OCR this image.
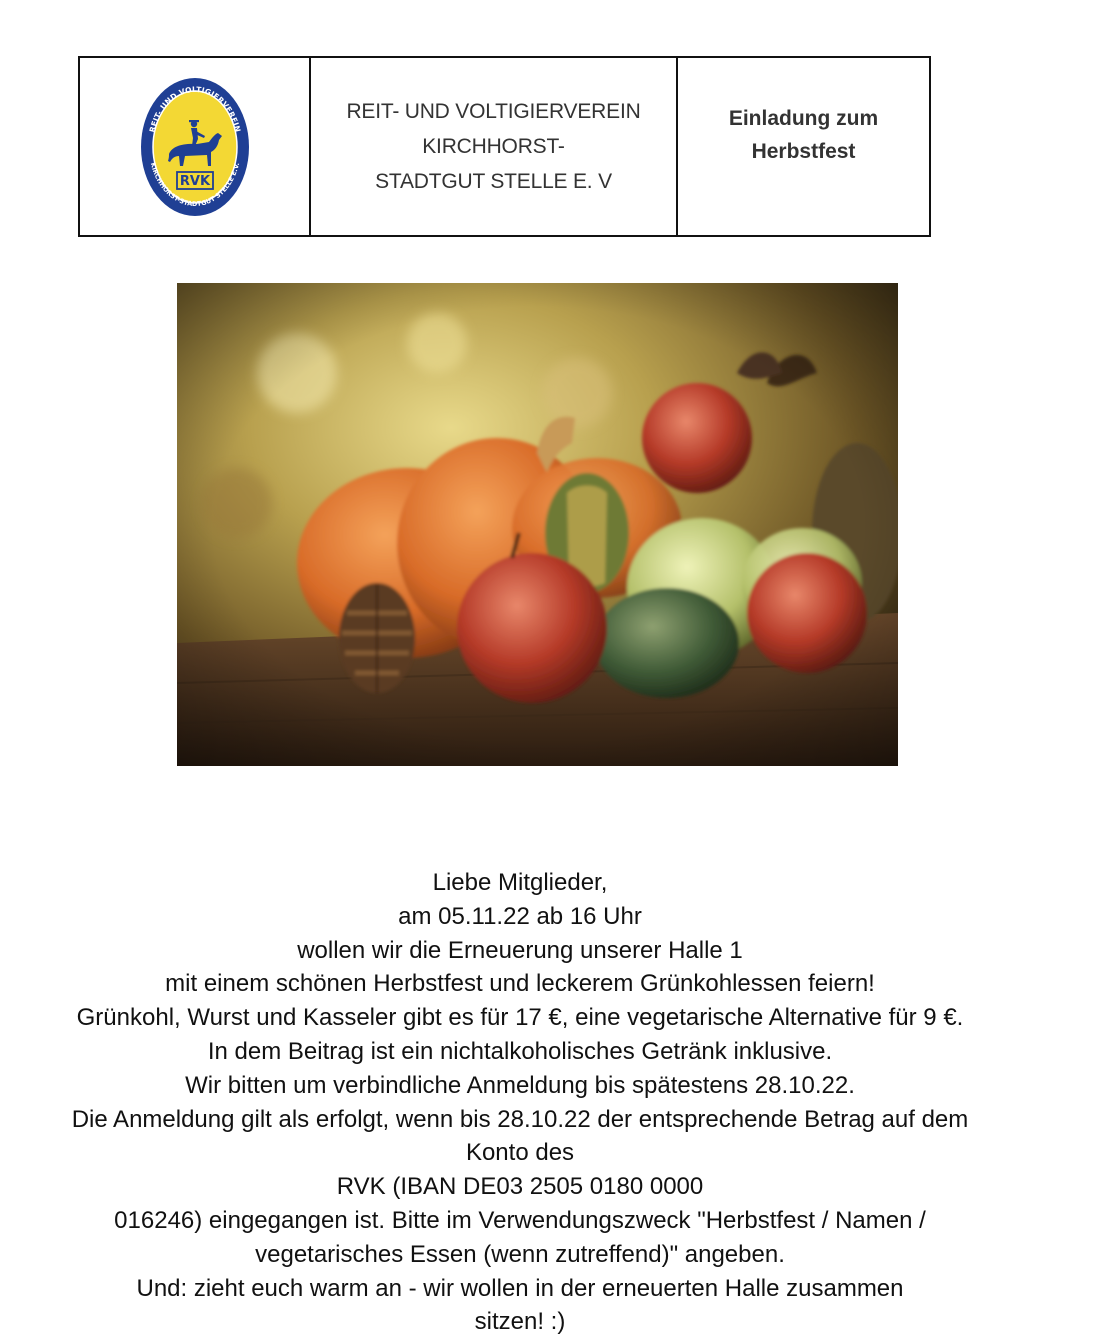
REIT- UND VOLTIGIERVEREIN
KIRCHHORST-STADTGUT STELLE E.V.
RVK
REIT- UND VOLTIGIERVEREIN
KIRCHHORST-
STADTGUT STELLE E. V
Einladung zum
Herbstfest

Liebe Mitglieder,

am 05.11.22 ab 16 Uhr

wollen wir die Erneuerung unserer Halle 1

mit einem schönen Herbstfest und leckerem Grünkohlessen feiern!

Grünkohl, Wurst und Kasseler gibt es für 17 €, eine vegetarische Alternative für 9 €.

In dem Beitrag ist ein nichtalkoholisches Getränk inklusive.

Wir bitten um verbindliche Anmeldung bis spätestens 28.10.22.

Die Anmeldung gilt als erfolgt, wenn bis 28.10.22 der entsprechende Betrag auf dem

Konto des

RVK (IBAN DE03 2505 0180 0000

016246) eingegangen ist. Bitte im Verwendungszweck "Herbstfest / Namen /

vegetarisches Essen (wenn zutreffend)" angeben.

Und: zieht euch warm an - wir wollen in der erneuerten Halle zusammen

sitzen! :)
